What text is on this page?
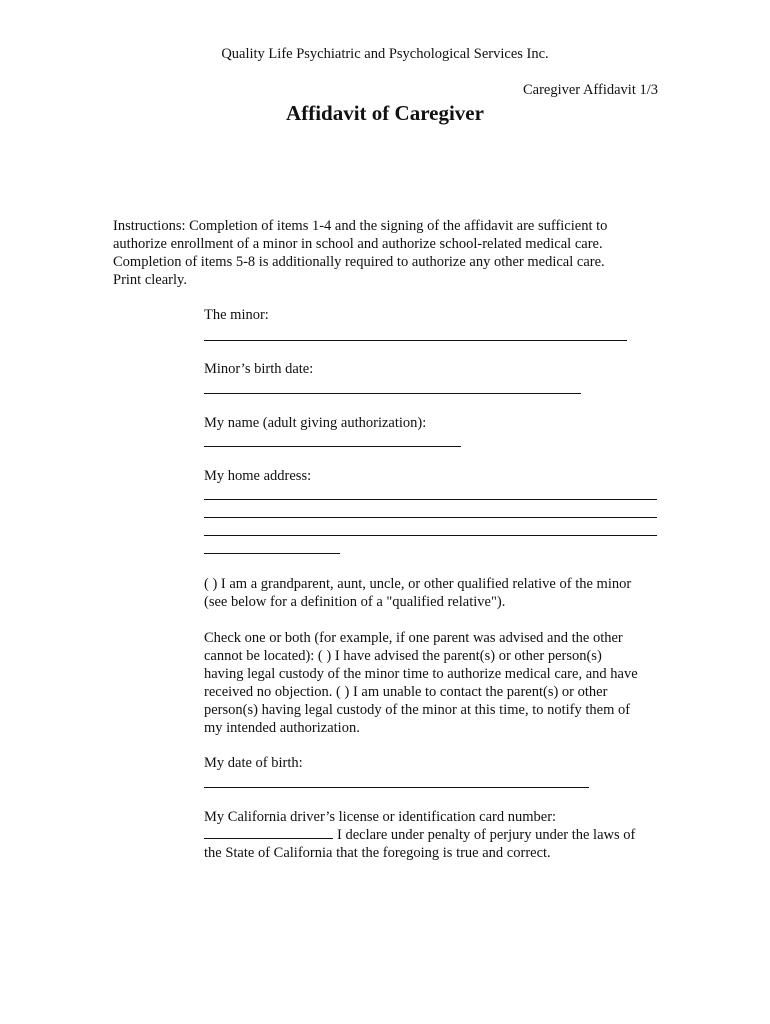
Quality Life Psychiatric and Psychological Services Inc.
Caregiver Affidavit 1/3
Affidavit of Caregiver
Instructions: Completion of items 1-4 and the signing of the affidavit are sufficient to
authorize enrollment of a minor in school and authorize school-related medical care.
Completion of items 5-8 is additionally required to authorize any other medical care.
Print clearly.
The minor:
Minor’s birth date:
My name (adult giving authorization):
My home address:
( ) I am a grandparent, aunt, uncle, or other qualified relative of the minor
(see below for a definition of a "qualified relative").
Check one or both (for example, if one parent was advised and the other
cannot be located): ( ) I have advised the parent(s) or other person(s)
having legal custody of the minor time to authorize medical care, and have
received no objection. ( ) I am unable to contact the parent(s) or other
person(s) having legal custody of the minor at this time, to notify them of
my intended authorization.
My date of birth:
My California driver’s license or identification card number:
I declare under penalty of perjury under the laws of
the State of California that the foregoing is true and correct.
